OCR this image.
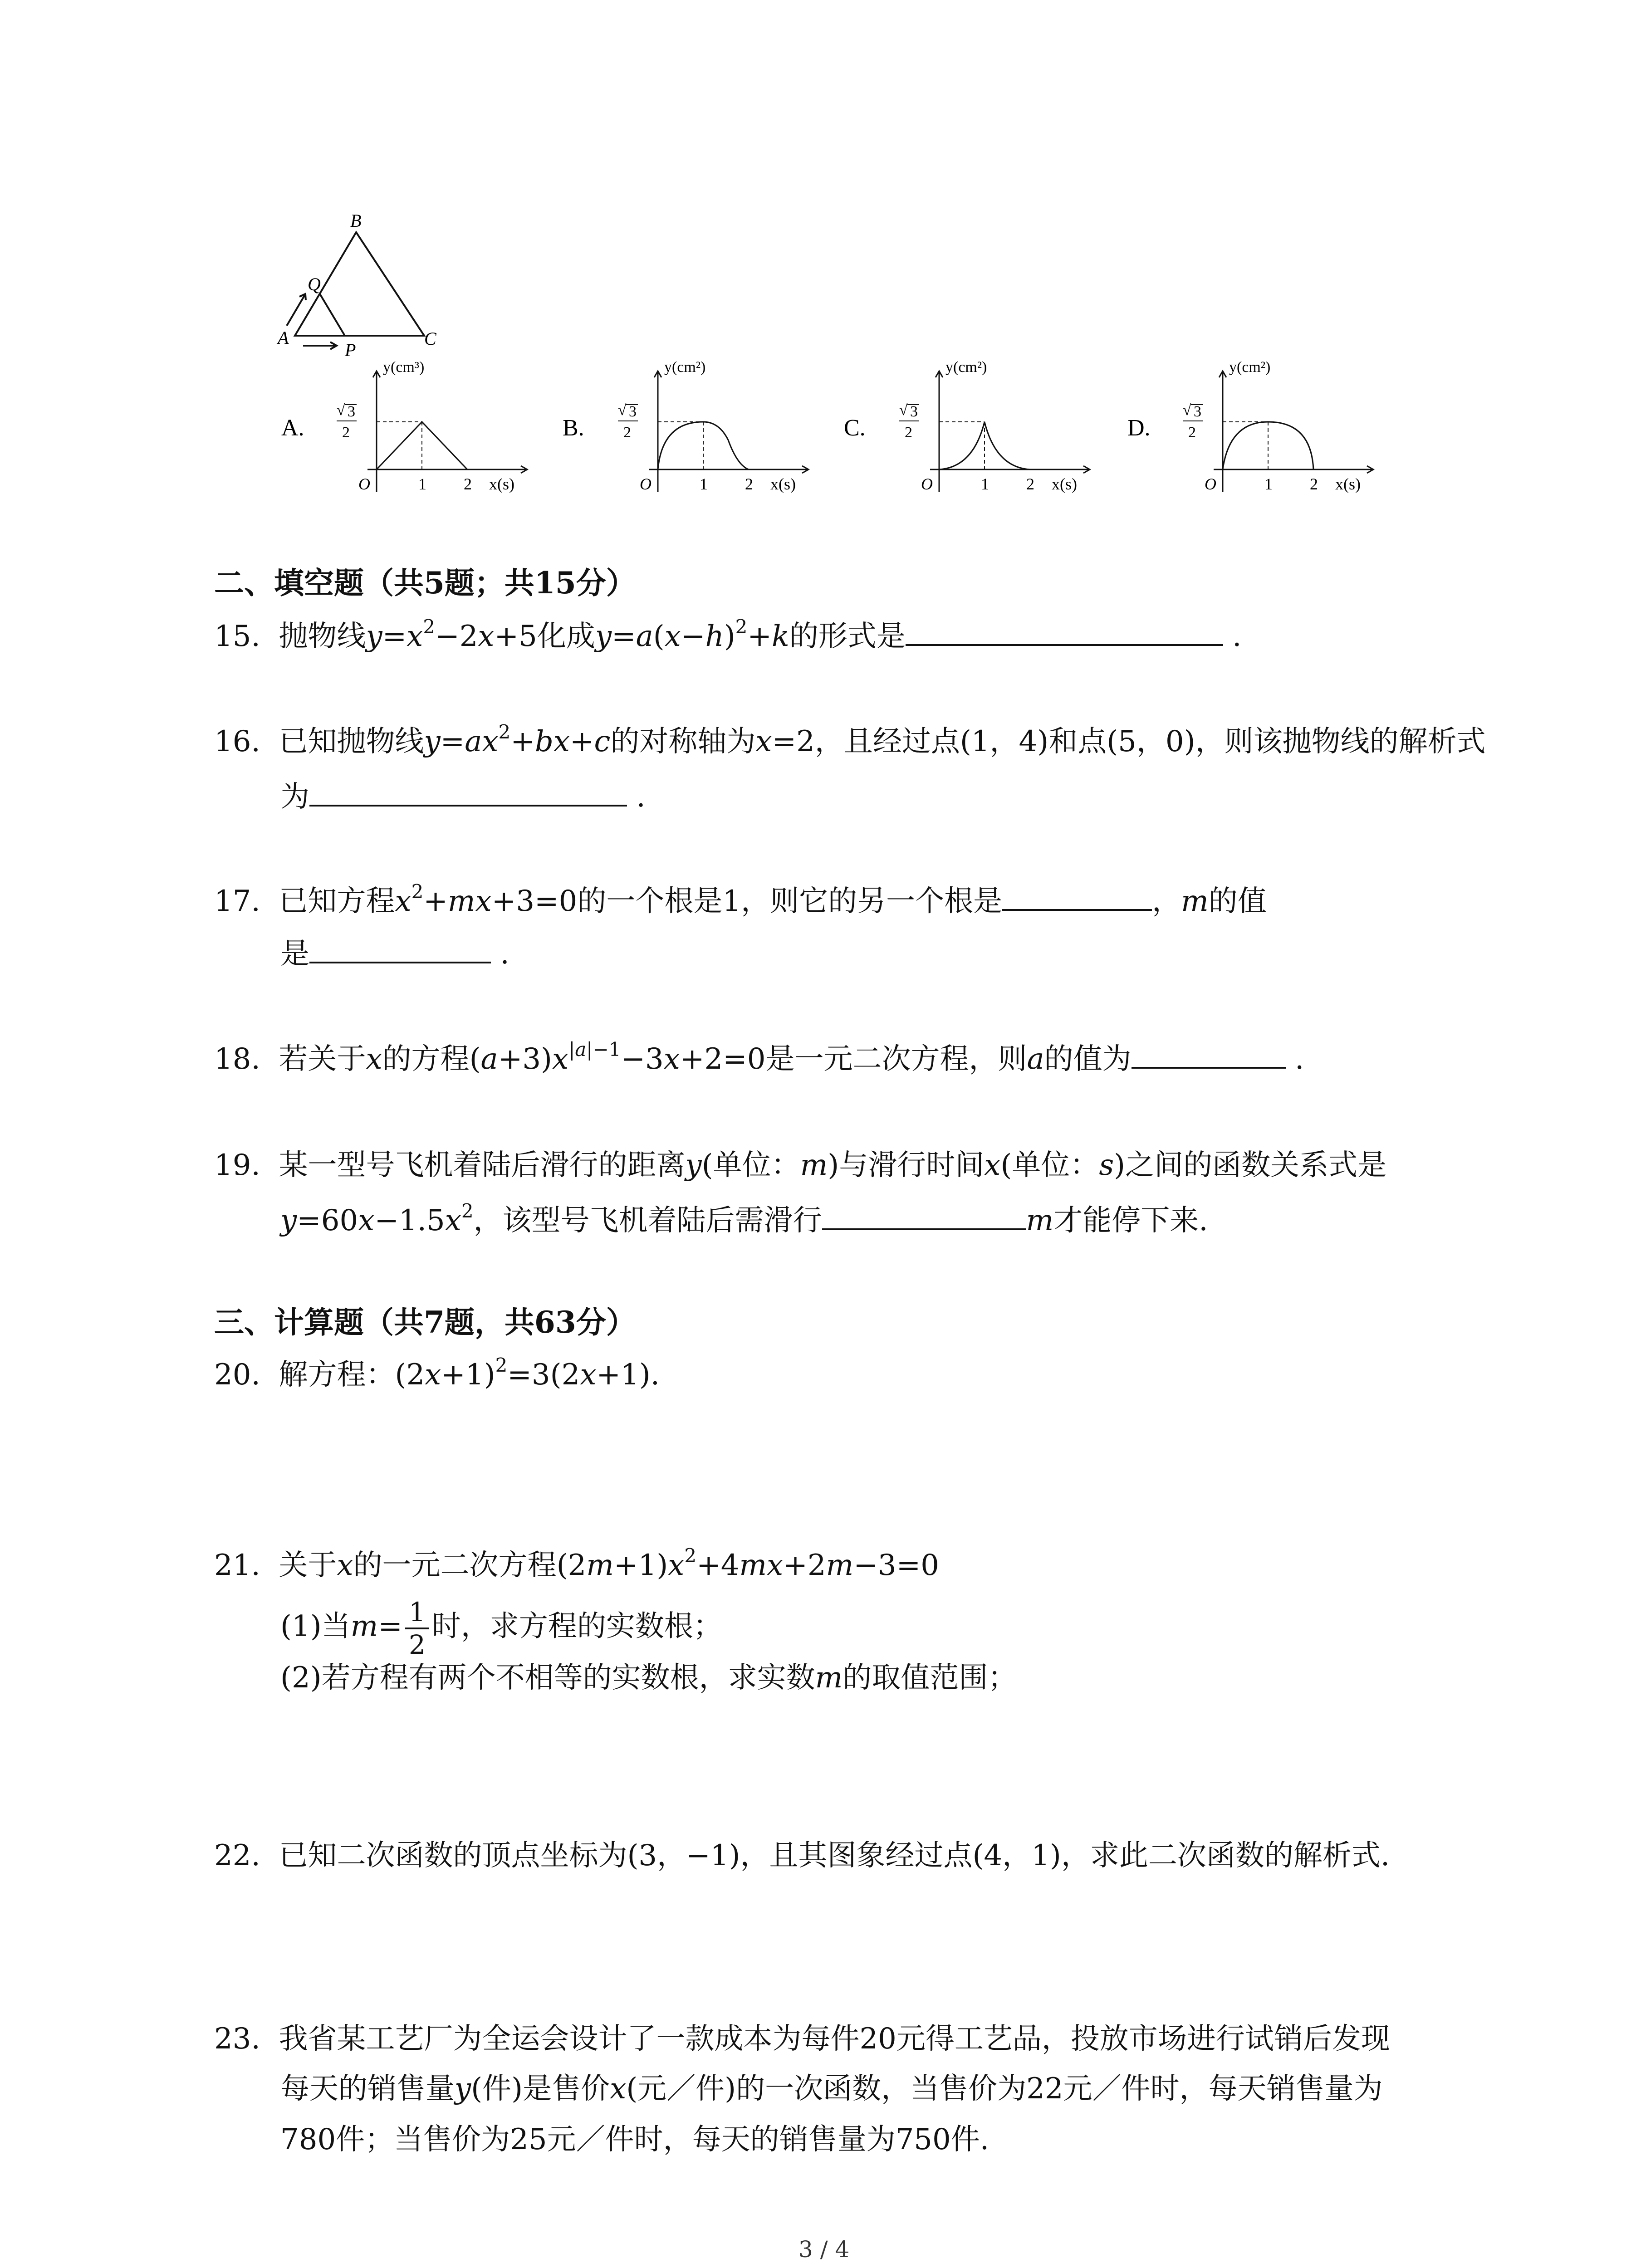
B
Q
A
P
C
A.
y(cm³)
√ 3
2
O	1 2 x(s)
B.
y(cm²)
√ 3
2
O	1 2 x(s)
C.
y(cm²)
√ 3
2
O	1 2 x(s)
D.
y(cm²)
√ 3
2
O	1 2 x(s)
二、填空题（共5题；共15分）
15. 抛物线$y=x^2-2x+5$化成$y=a(x-h)^2+k$的形式是	.
16. 已知抛物线$y=ax^2+bx+c$的对称轴为x=2，且经过点(1，4)和点(5，0)，则该抛物线的解析式
为	.
17. 已知方程$x^2+mx+3=0$的一个根是1，则它的另一个根是	，m的值
是	.
18. 若关于x的方程$(a+3)x^{|a|-1}-3x+2=0$是一元二次方程，则a的值为	.
19. 某一型号飞机着陆后滑行的距离y(单位：m)与滑行时间x(单位：s)之间的函数关系式是
$y=60x-1.5x^2$，该型号飞机着陆后需滑行	m才能停下来.
三、计算题（共7题，共63分）
20. 解方程：$(2x+1)^2=3(2x+1)$.
21. 关于x的一元二次方程$(2m+1)x^2+4mx+2m-3=0$
(1)当$m= \frac{1}{2}$ 时，求方程的实数根；
(2)若方程有两个不相等的实数根，求实数m的取值范围；
22. 已知二次函数的顶点坐标为(3，−1)，且其图象经过点(4，1)，求此二次函数的解析式.
23. 我省某工艺厂为全运会设计了一款成本为每件20元得工艺品，投放市场进行试销后发现
每天的销售量y(件)是售价x(元／件)的一次函数，当售价为22元／件时，每天销售量为
780件；当售价为25元／件时，每天的销售量为750件.
3 / 4
